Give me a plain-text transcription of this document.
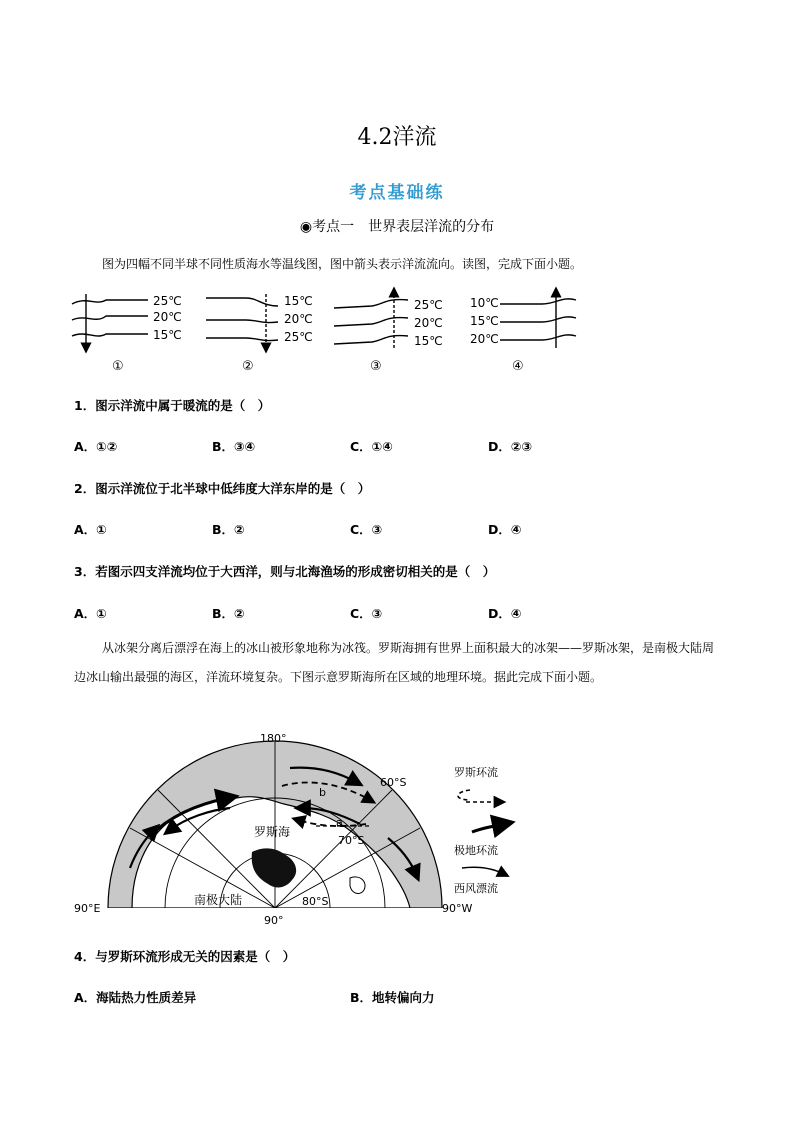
4.2洋流
考点基础练
◉考点一　世界表层洋流的分布
图为四幅不同半球不同性质海水等温线图，图中箭头表示洋流流向。读图，完成下面小题。
25℃
20℃
15℃
①
15℃
20℃
25℃
②
25℃
20℃
15℃
③
10℃
15℃
20℃
④
1．图示洋流中属于暖流的是（　）
A．①②	B．③④	C．①④	D．②③
2．图示洋流位于北半球中低纬度大洋东岸的是（　）
A．①	B．②	C．③	D．④
3．若图示四支洋流均位于大西洋，则与北海渔场的形成密切相关的是（　）
A．①	B．②	C．③	D．④
从冰架分离后漂浮在海上的冰山被形象地称为冰筏。罗斯海拥有世界上面积最大的冰架——罗斯冰架，是南极大陆周边冰山输出最强的海区，洋流环境复杂。下图示意罗斯海所在区域的地理环境。据此完成下面小题。
180°
90°E	90°W
90°
60°S
70°S
80°S
罗斯海
南极大陆
a
b
罗斯环流
极地环流
西风漂流
4．与罗斯环流形成无关的因素是（　）
A．海陆热力性质差异	B．地转偏向力
